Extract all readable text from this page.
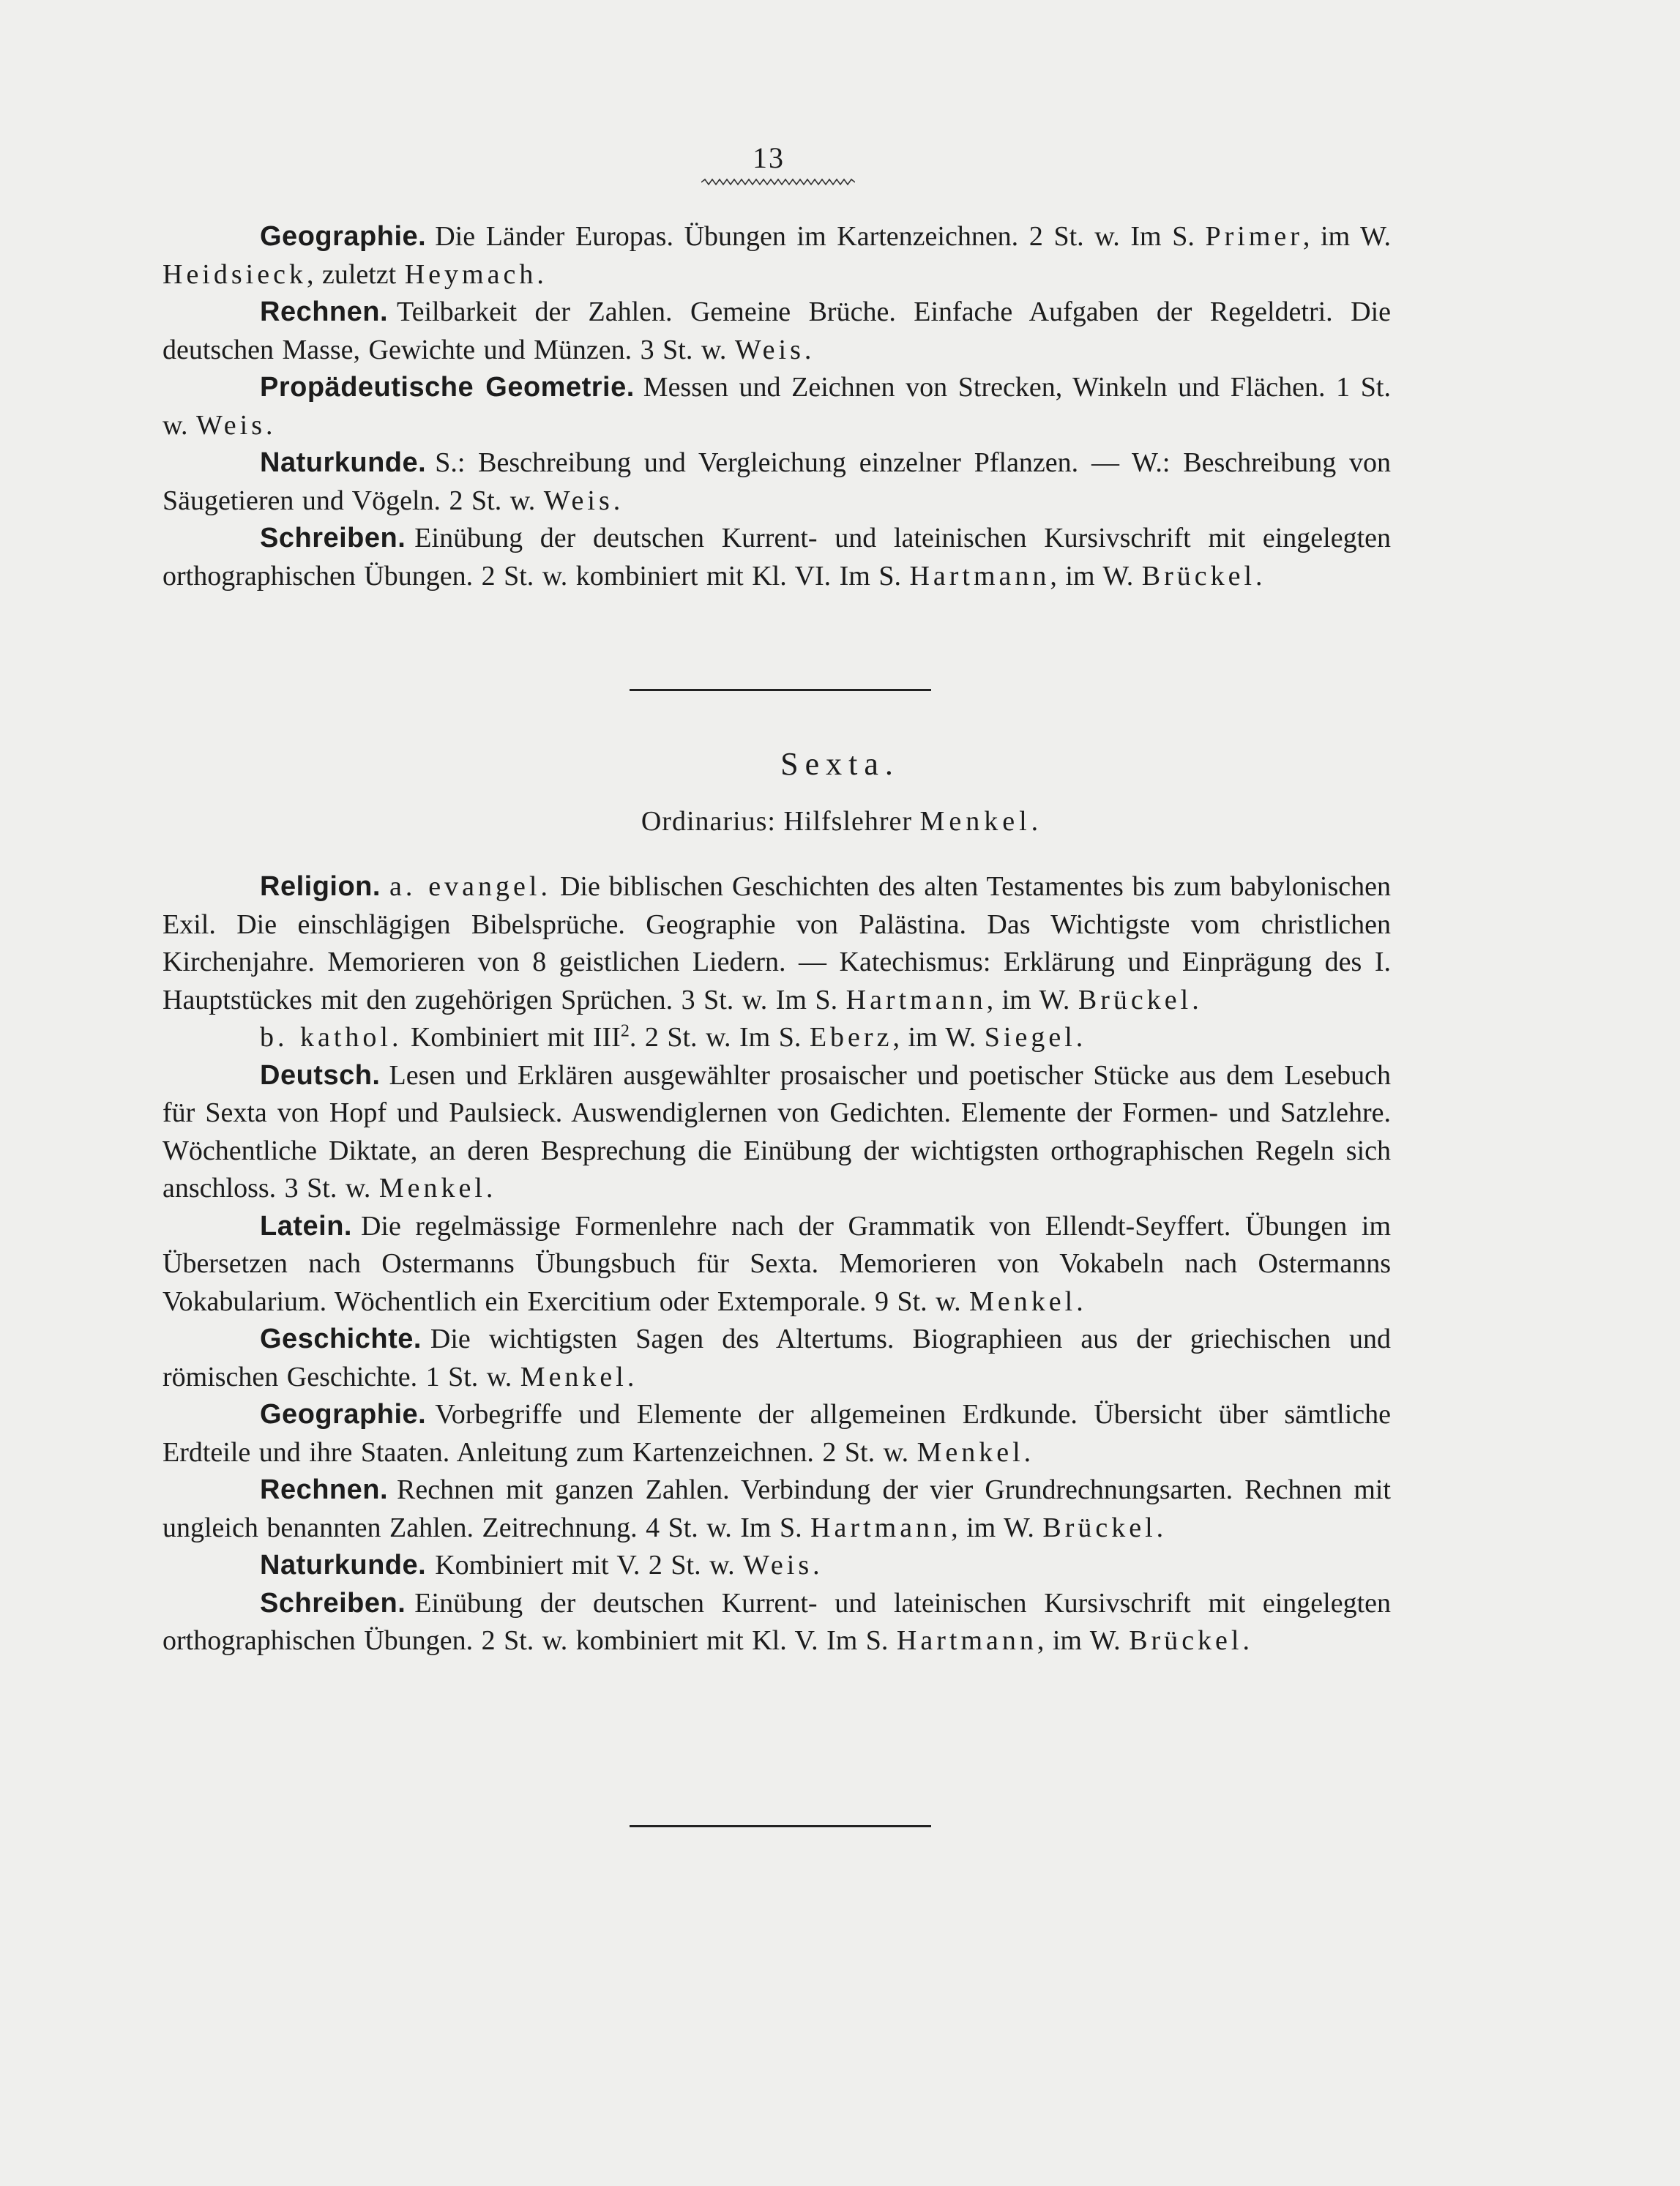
13

Geographie. Die Länder Europas. Übungen im Kartenzeichnen. 2 St. w. Im S. Primer, im W. Heidsieck, zuletzt Heymach.

Rechnen. Teilbarkeit der Zahlen. Gemeine Brüche. Einfache Aufgaben der Regeldetri. Die deutschen Masse, Gewichte und Münzen. 3 St. w. Weis.

Propädeutische Geometrie. Messen und Zeichnen von Strecken, Winkeln und Flächen. 1 St. w. Weis.

Naturkunde. S.: Beschreibung und Vergleichung einzelner Pflanzen. — W.: Beschreibung von Säugetieren und Vögeln. 2 St. w. Weis.

Schreiben. Einübung der deutschen Kurrent- und lateinischen Kursivschrift mit eingelegten orthographischen Übungen. 2 St. w. kombiniert mit Kl. VI. Im S. Hartmann, im W. Brückel.

Sexta.
Ordinarius: Hilfslehrer Menkel.

Religion. a. evangel. Die biblischen Geschichten des alten Testamentes bis zum babylonischen Exil. Die einschlägigen Bibelsprüche. Geographie von Palästina. Das Wichtigste vom christlichen Kirchenjahre. Memorieren von 8 geistlichen Liedern. — Katechismus: Erklärung und Einprägung des I. Hauptstückes mit den zugehörigen Sprüchen. 3 St. w. Im S. Hartmann, im W. Brückel.

b. kathol. Kombiniert mit III$^2$. 2 St. w. Im S. Eberz, im W. Siegel.

Deutsch. Lesen und Erklären ausgewählter prosaischer und poetischer Stücke aus dem Lesebuch für Sexta von Hopf und Paulsieck. Auswendiglernen von Gedichten. Elemente der Formen- und Satzlehre. Wöchentliche Diktate, an deren Besprechung die Einübung der wichtigsten orthographischen Regeln sich anschloss. 3 St. w. Menkel.

Latein. Die regelmässige Formenlehre nach der Grammatik von Ellendt-Seyffert. Übungen im Übersetzen nach Ostermanns Übungsbuch für Sexta. Memorieren von Vokabeln nach Ostermanns Vokabularium. Wöchentlich ein Exercitium oder Extemporale. 9 St. w. Menkel.

Geschichte. Die wichtigsten Sagen des Altertums. Biographieen aus der griechischen und römischen Geschichte. 1 St. w. Menkel.

Geographie. Vorbegriffe und Elemente der allgemeinen Erdkunde. Übersicht über sämtliche Erdteile und ihre Staaten. Anleitung zum Kartenzeichnen. 2 St. w. Menkel.

Rechnen. Rechnen mit ganzen Zahlen. Verbindung der vier Grundrechnungsarten. Rechnen mit ungleich benannten Zahlen. Zeitrechnung. 4 St. w. Im S. Hartmann, im W. Brückel.

Naturkunde. Kombiniert mit V. 2 St. w. Weis.

Schreiben. Einübung der deutschen Kurrent- und lateinischen Kursivschrift mit eingelegten orthographischen Übungen. 2 St. w. kombiniert mit Kl. V. Im S. Hartmann, im W. Brückel.
